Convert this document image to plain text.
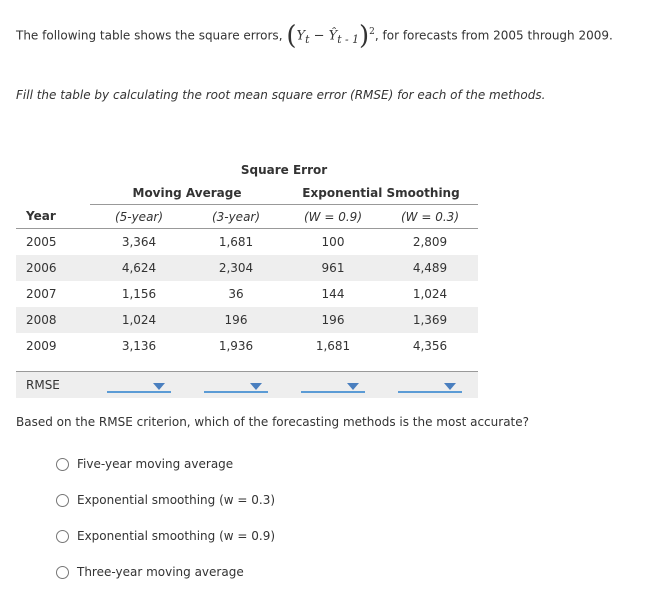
The following table shows the square errors, ($Y_t$ − $Ŷ_{t - 1})^2$, for forecasts from 2005 through 2009.
Fill the table by calculating the root mean square error (RMSE) for each of the methods.
	Square Error			
	Moving Average		Exponential Smoothing	
Year	(5-year)	(3-year)	(W = 0.9)	(W = 0.3)
2005	3,364	1,681	100	2,809
2006	4,624	2,304	961	4,489
2007	1,156	36	144	1,024
2008	1,024	196	196	1,369
2009	3,136	1,936	1,681	4,356

RMSE	

Based on the RMSE criterion, which of the forecasting methods is the most accurate?
Five-year moving average
Exponential smoothing (w = 0.3)
Exponential smoothing (w = 0.9)
Three-year moving average
